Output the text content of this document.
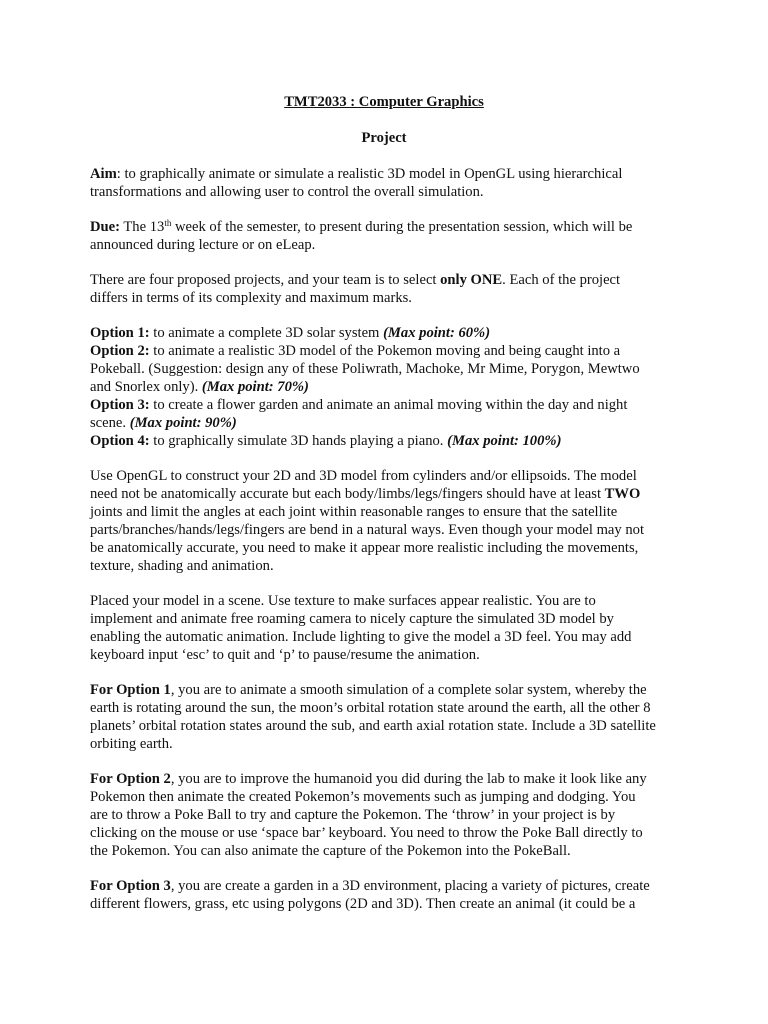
TMT2033 : Computer Graphics
Project
Aim: to graphically animate or simulate a realistic 3D model in OpenGL using hierarchical
transformations and allowing user to control the overall simulation.
Due: The 13th week of the semester, to present during the presentation session, which will be
announced during lecture or on eLeap.
There are four proposed projects, and your team is to select only ONE. Each of the project
differs in terms of its complexity and maximum marks.
Option 1: to animate a complete 3D solar system (Max point: 60%)
Option 2: to animate a realistic 3D model of the Pokemon moving and being caught into a
Pokeball. (Suggestion: design any of these Poliwrath, Machoke, Mr Mime, Porygon, Mewtwo
and Snorlex only). (Max point: 70%)
Option 3: to create a flower garden and animate an animal moving within the day and night
scene. (Max point: 90%)
Option 4: to graphically simulate 3D hands playing a piano. (Max point: 100%)
Use OpenGL to construct your 2D and 3D model from cylinders and/or ellipsoids. The model
need not be anatomically accurate but each body/limbs/legs/fingers should have at least TWO
joints and limit the angles at each joint within reasonable ranges to ensure that the satellite
parts/branches/hands/legs/fingers are bend in a natural ways. Even though your model may not
be anatomically accurate, you need to make it appear more realistic including the movements,
texture, shading and animation.
Placed your model in a scene. Use texture to make surfaces appear realistic. You are to
implement and animate free roaming camera to nicely capture the simulated 3D model by
enabling the automatic animation. Include lighting to give the model a 3D feel. You may add
keyboard input ‘esc’ to quit and ‘p’ to pause/resume the animation.
For Option 1, you are to animate a smooth simulation of a complete solar system, whereby the
earth is rotating around the sun, the moon’s orbital rotation state around the earth, all the other 8
planets’ orbital rotation states around the sub, and earth axial rotation state. Include a 3D satellite
orbiting earth.
For Option 2, you are to improve the humanoid you did during the lab to make it look like any
Pokemon then animate the created Pokemon’s movements such as jumping and dodging. You
are to throw a Poke Ball to try and capture the Pokemon. The ‘throw’ in your project is by
clicking on the mouse or use ‘space bar’ keyboard. You need to throw the Poke Ball directly to
the Pokemon. You can also animate the capture of the Pokemon into the PokeBall.
For Option 3, you are create a garden in a 3D environment, placing a variety of pictures, create
different flowers, grass, etc using polygons (2D and 3D). Then create an animal (it could be a
